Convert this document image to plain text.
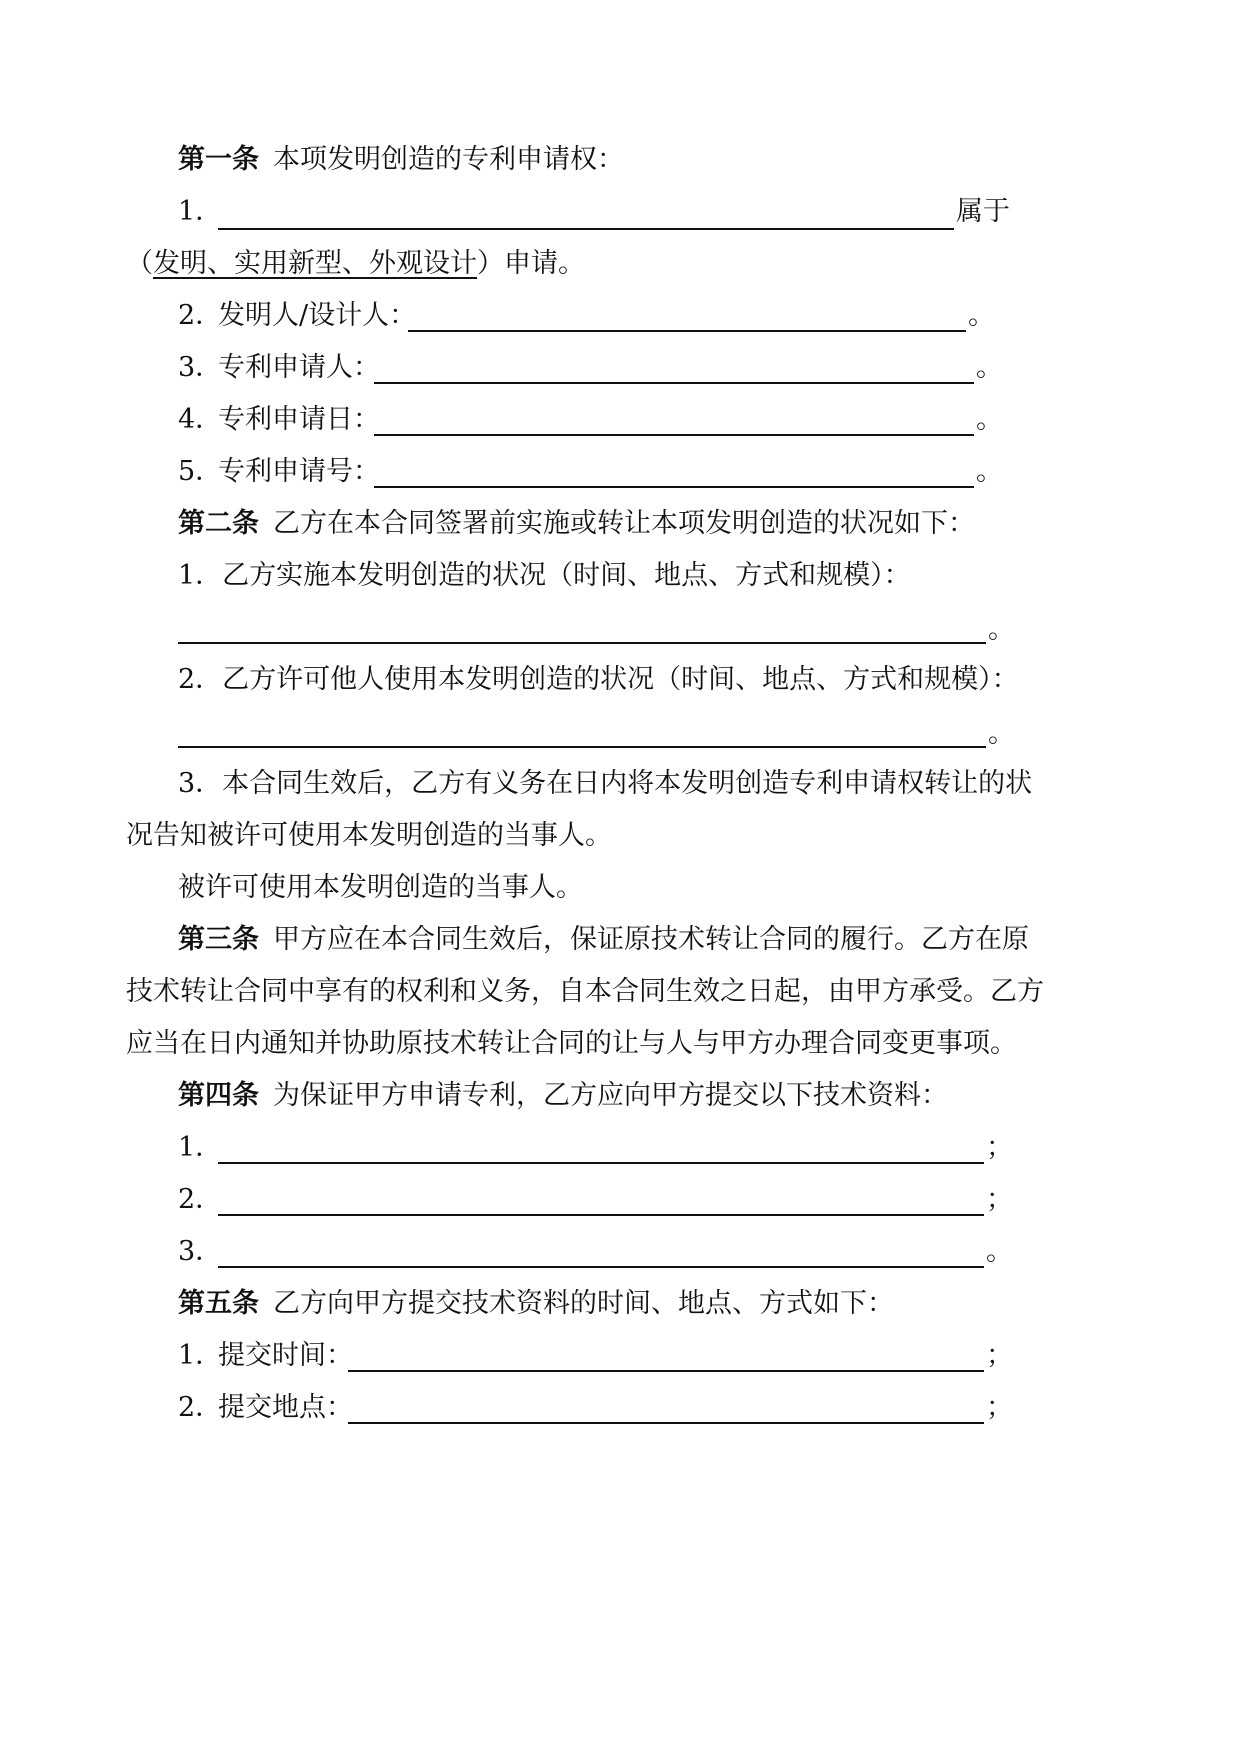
第一条 本项发明创造的专利申请权：
1．	属于
（发明、实用新型、外观设计）申请。
2．发明人/设计人：	。
3．专利申请人：	。
4．专利申请日：	。
5．专利申请号：	。
第二条 乙方在本合同签署前实施或转让本项发明创造的状况如下：
1．乙方实施本发明创造的状况（时间、地点、方式和规模）：
。
2．乙方许可他人使用本发明创造的状况（时间、地点、方式和规模）：
。
3．本合同生效后，乙方有义务在日内将本发明创造专利申请权转让的状
况告知被许可使用本发明创造的当事人。
被许可使用本发明创造的当事人。
第三条 甲方应在本合同生效后，保证原技术转让合同的履行。乙方在原
技术转让合同中享有的权利和义务，自本合同生效之日起，由甲方承受。乙方
应当在日内通知并协助原技术转让合同的让与人与甲方办理合同变更事项。
第四条 为保证甲方申请专利，乙方应向甲方提交以下技术资料：
1．	；
2．	；
3．	。
第五条 乙方向甲方提交技术资料的时间、地点、方式如下：
1．提交时间：	；
2．提交地点：	；
